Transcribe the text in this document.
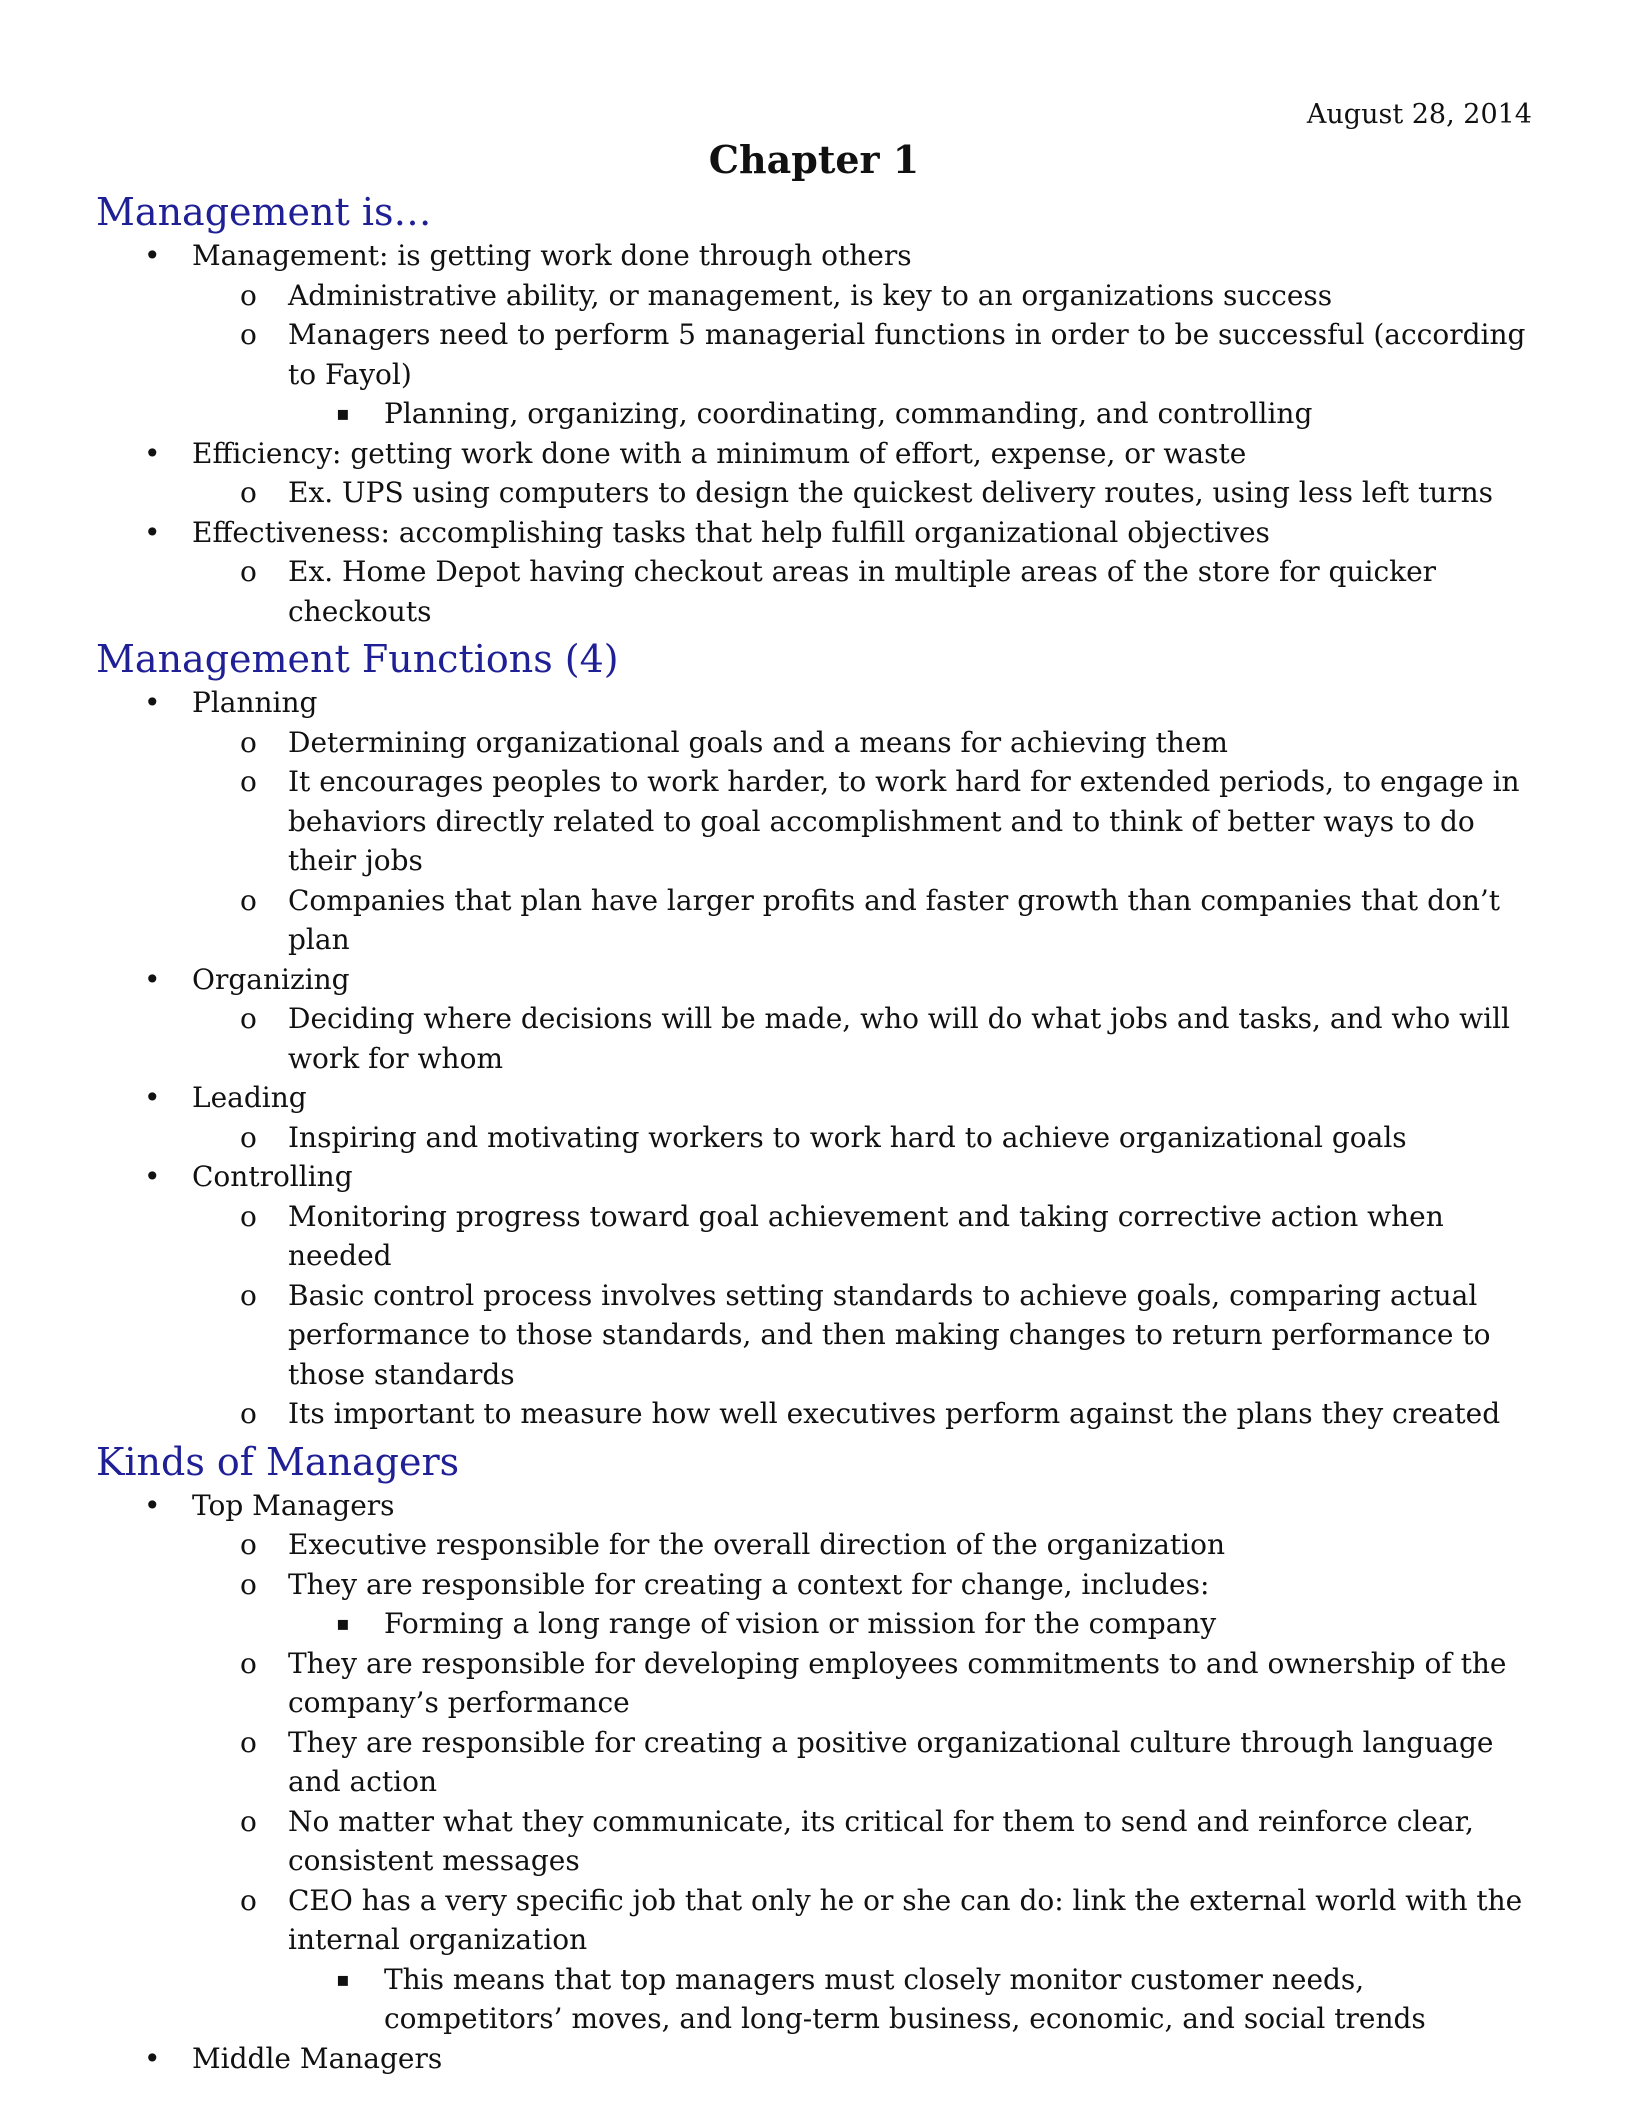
August 28, 2014

Chapter 1
Management is…
• Management: is getting work done through others
o Administrative ability, or management, is key to an organizations success
o Managers need to perform 5 managerial functions in order to be successful (according to Fayol)
▪ Planning, organizing, coordinating, commanding, and controlling
• Efficiency: getting work done with a minimum of effort, expense, or waste
o Ex. UPS using computers to design the quickest delivery routes, using less left turns
• Effectiveness: accomplishing tasks that help fulfill organizational objectives
o Ex. Home Depot having checkout areas in multiple areas of the store for quicker checkouts
Management Functions (4)
• Planning
o Determining organizational goals and a means for achieving them
o It encourages peoples to work harder, to work hard for extended periods, to engage in behaviors directly related to goal accomplishment and to think of better ways to do their jobs
o Companies that plan have larger profits and faster growth than companies that don’t plan
• Organizing
o Deciding where decisions will be made, who will do what jobs and tasks, and who will work for whom
• Leading
o Inspiring and motivating workers to work hard to achieve organizational goals
• Controlling
o Monitoring progress toward goal achievement and taking corrective action when needed
o Basic control process involves setting standards to achieve goals, comparing actual performance to those standards, and then making changes to return performance to those standards
o Its important to measure how well executives perform against the plans they created
Kinds of Managers
• Top Managers
o Executive responsible for the overall direction of the organization
o They are responsible for creating a context for change, includes:
▪ Forming a long range of vision or mission for the company
o They are responsible for developing employees commitments to and ownership of the company’s performance
o They are responsible for creating a positive organizational culture through language and action
o No matter what they communicate, its critical for them to send and reinforce clear, consistent messages
o CEO has a very specific job that only he or she can do: link the external world with the internal organization
▪ This means that top managers must closely monitor customer needs, competitors’ moves, and long-term business, economic, and social trends
• Middle Managers
